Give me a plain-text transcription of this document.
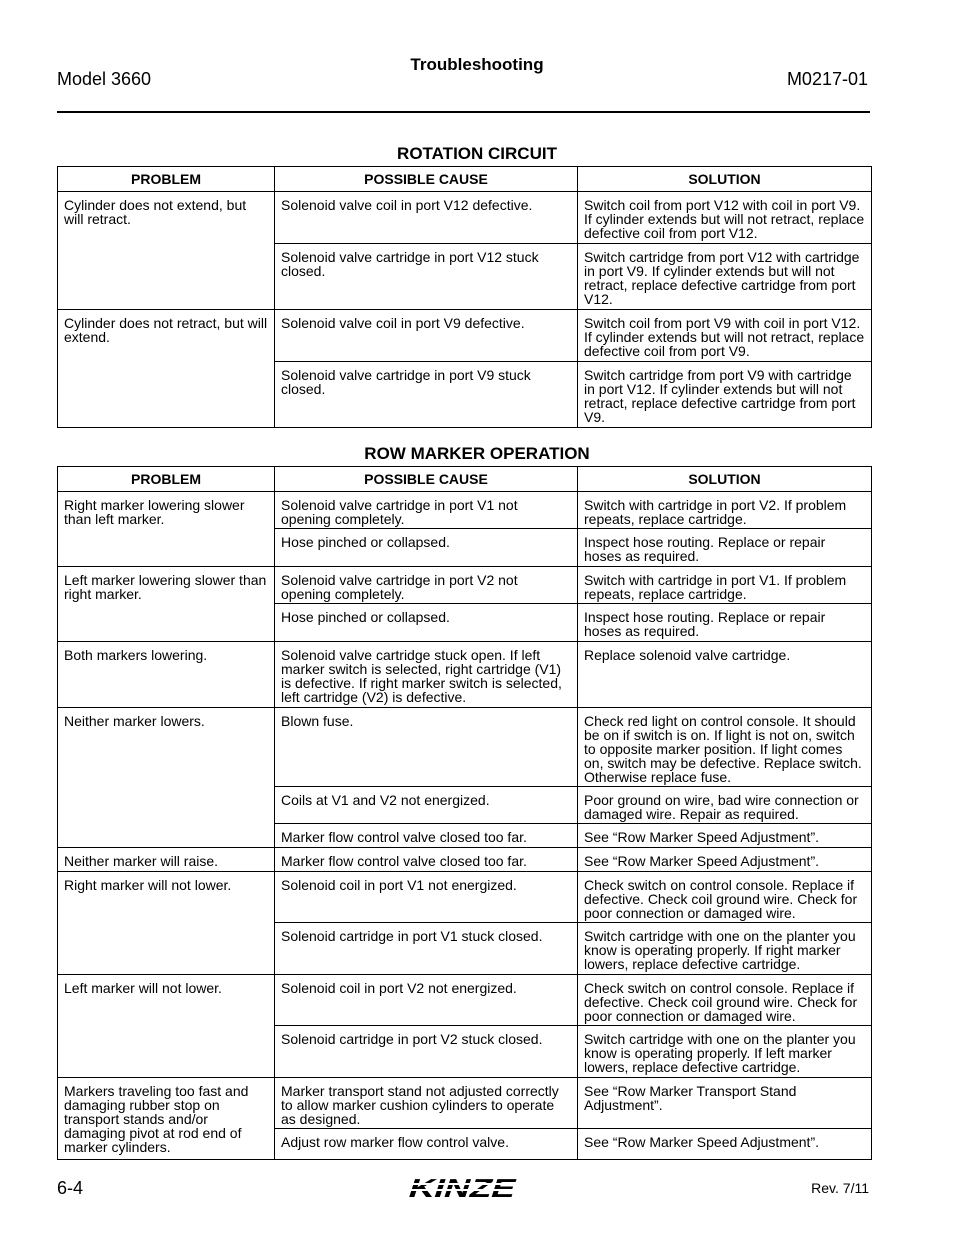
Model 3660
Troubleshooting
M0217-01
ROTATION CIRCUIT
PROBLEM	POSSIBLE CAUSE	SOLUTION
Cylinder does not extend, but will retract.	Solenoid valve coil in port V12 defective.	Switch coil from port V12 with coil in port V9. If cylinder extends but will not retract, replace defective coil from port V12.
	Solenoid valve cartridge in port V12 stuck closed.	Switch cartridge from port V12 with cartridge in port V9. If cylinder extends but will not retract, replace defective cartridge from port V12.
Cylinder does not retract, but will extend.	Solenoid valve coil in port V9 defective.	Switch coil from port V9 with coil in port V12. If cylinder extends but will not retract, replace defective coil from port V9.
	Solenoid valve cartridge in port V9 stuck closed.	Switch cartridge from port V9 with cartridge in port V12. If cylinder extends but will not retract, replace defective cartridge from port V9.
ROW MARKER OPERATION
PROBLEM	POSSIBLE CAUSE	SOLUTION
Right marker lowering slower than left marker.	Solenoid valve cartridge in port V1 not opening completely.	Switch with cartridge in port V2. If problem repeats, replace cartridge.
	Hose pinched or collapsed.	Inspect hose routing. Replace or repair hoses as required.
Left marker lowering slower than right marker.	Solenoid valve cartridge in port V2 not opening completely.	Switch with cartridge in port V1. If problem repeats, replace cartridge.
	Hose pinched or collapsed.	Inspect hose routing. Replace or repair hoses as required.
Both markers lowering.	Solenoid valve cartridge stuck open. If left marker switch is selected, right cartridge (V1) is defective. If right marker switch is selected, left cartridge (V2) is defective.	Replace solenoid valve cartridge.
Neither marker lowers.	Blown fuse.	Check red light on control console. It should be on if switch is on. If light is not on, switch to opposite marker position. If light comes on, switch may be defective. Replace switch. Otherwise replace fuse.
	Coils at V1 and V2 not energized.	Poor ground on wire, bad wire connection or damaged wire. Repair as required.
	Marker flow control valve closed too far.	See “Row Marker Speed Adjustment”.
Neither marker will raise.	Marker flow control valve closed too far.	See “Row Marker Speed Adjustment”.
Right marker will not lower.	Solenoid coil in port V1 not energized.	Check switch on control console. Replace if defective. Check coil ground wire. Check for poor connection or damaged wire.
	Solenoid cartridge in port V1 stuck closed.	Switch cartridge with one on the planter you know is operating properly. If right marker lowers, replace defective cartridge.
Left marker will not lower.	Solenoid coil in port V2 not energized.	Check switch on control console. Replace if defective. Check coil ground wire. Check for poor connection or damaged wire.
	Solenoid cartridge in port V2 stuck closed.	Switch cartridge with one on the planter you know is operating properly. If left marker lowers, replace defective cartridge.
Markers traveling too fast and damaging rubber stop on transport stands and/or damaging pivot at rod end of marker cylinders.	Marker transport stand not adjusted correctly to allow marker cushion cylinders to operate as designed.	See “Row Marker Transport Stand Adjustment”.
	Adjust row marker flow control valve.	See “Row Marker Speed Adjustment”.
6-4	KINZE	Rev. 7/11
